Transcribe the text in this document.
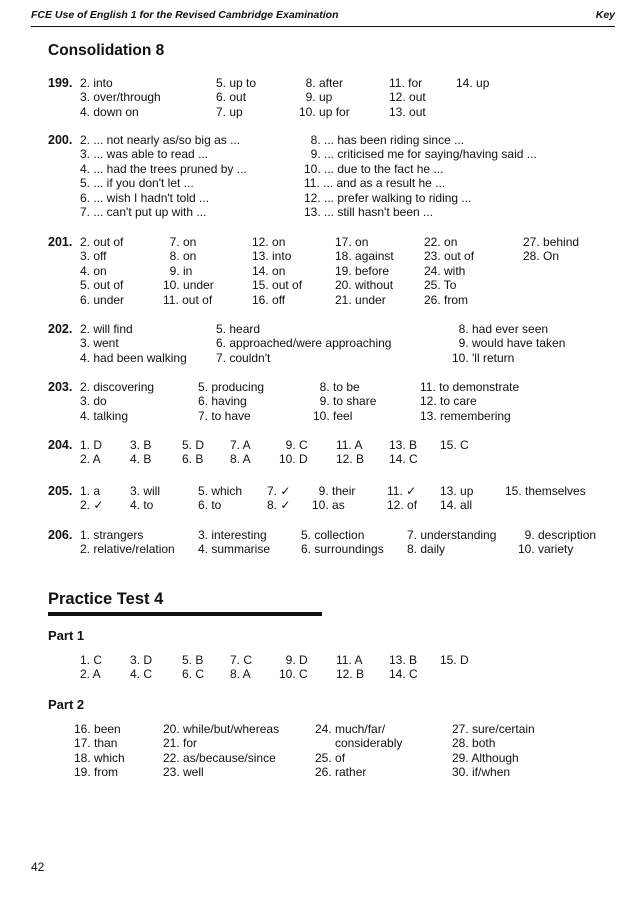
FCE Use of English 1 for the Revised Cambridge Examination	Key
Consolidation 8
Practice Test 4
Part 1
Part 2
199. 2. into
3. over/through
4. down on
5. up to
6. out
7. up
8. after
9. up
10. up for
11. for
12. out
13. out
14. up
200. 2. ... not nearly as/so big as ...
3. ... was able to read ...
4. ... had the trees pruned by ...
5. ... if you don't let ...
6. ... wish I hadn't told ...
7. ... can't put up with ...
8. ... has been riding since ...
9. ... criticised me for saying/having said ...
10. ... due to the fact he ...
11. ... and as a result he ...
12. ... prefer walking to riding ...
13. ... still hasn't been ...
201. 2. out of
3. off
4. on
5. out of
6. under
7. on
8. on
9. in
10. under
11. out of
12. on
13. into
14. on
15. out of
16. off
17. on
18. against
19. before
20. without
21. under
22. on
23. out of
24. with
25. To
26. from
27. behind
28. On
202. 2. will find
3. went
4. had been walking
5. heard
6. approached/were approaching
7. couldn't
8. had ever seen
9. would have taken
10. 'll return
203. 2. discovering
3. do
4. talking
5. producing
6. having
7. to have
8. to be
9. to share
10. feel
11. to demonstrate
12. to care
13. remembering
204. 1. D
2. A
3. B
4. B
5. D
6. B
7. A
8. A
9. C
10. D
11. A
12. B
13. B
14. C
15. C
205. 1. a
2. ✓
3. will
4. to
5. which
6. to
7. ✓
8. ✓
9. their
10. as
11. ✓
12. of
13. up
14. all
15. themselves
206. 1. strangers
2. relative/relation
3. interesting
4. summarise
5. collection
6. surroundings
7. understanding
8. daily
9. description
10. variety
1. C
2. A
3. D
4. C
5. B
6. C
7. C
8. A
9. D
10. C
11. A
12. B
13. B
14. C
15. D
16. been
17. than
18. which
19. from
20. while/but/whereas
21. for
22. as/because/since
23. well
24. much/far/
considerably
25. of
26. rather
27. sure/certain
28. both
29. Although
30. if/when
42
